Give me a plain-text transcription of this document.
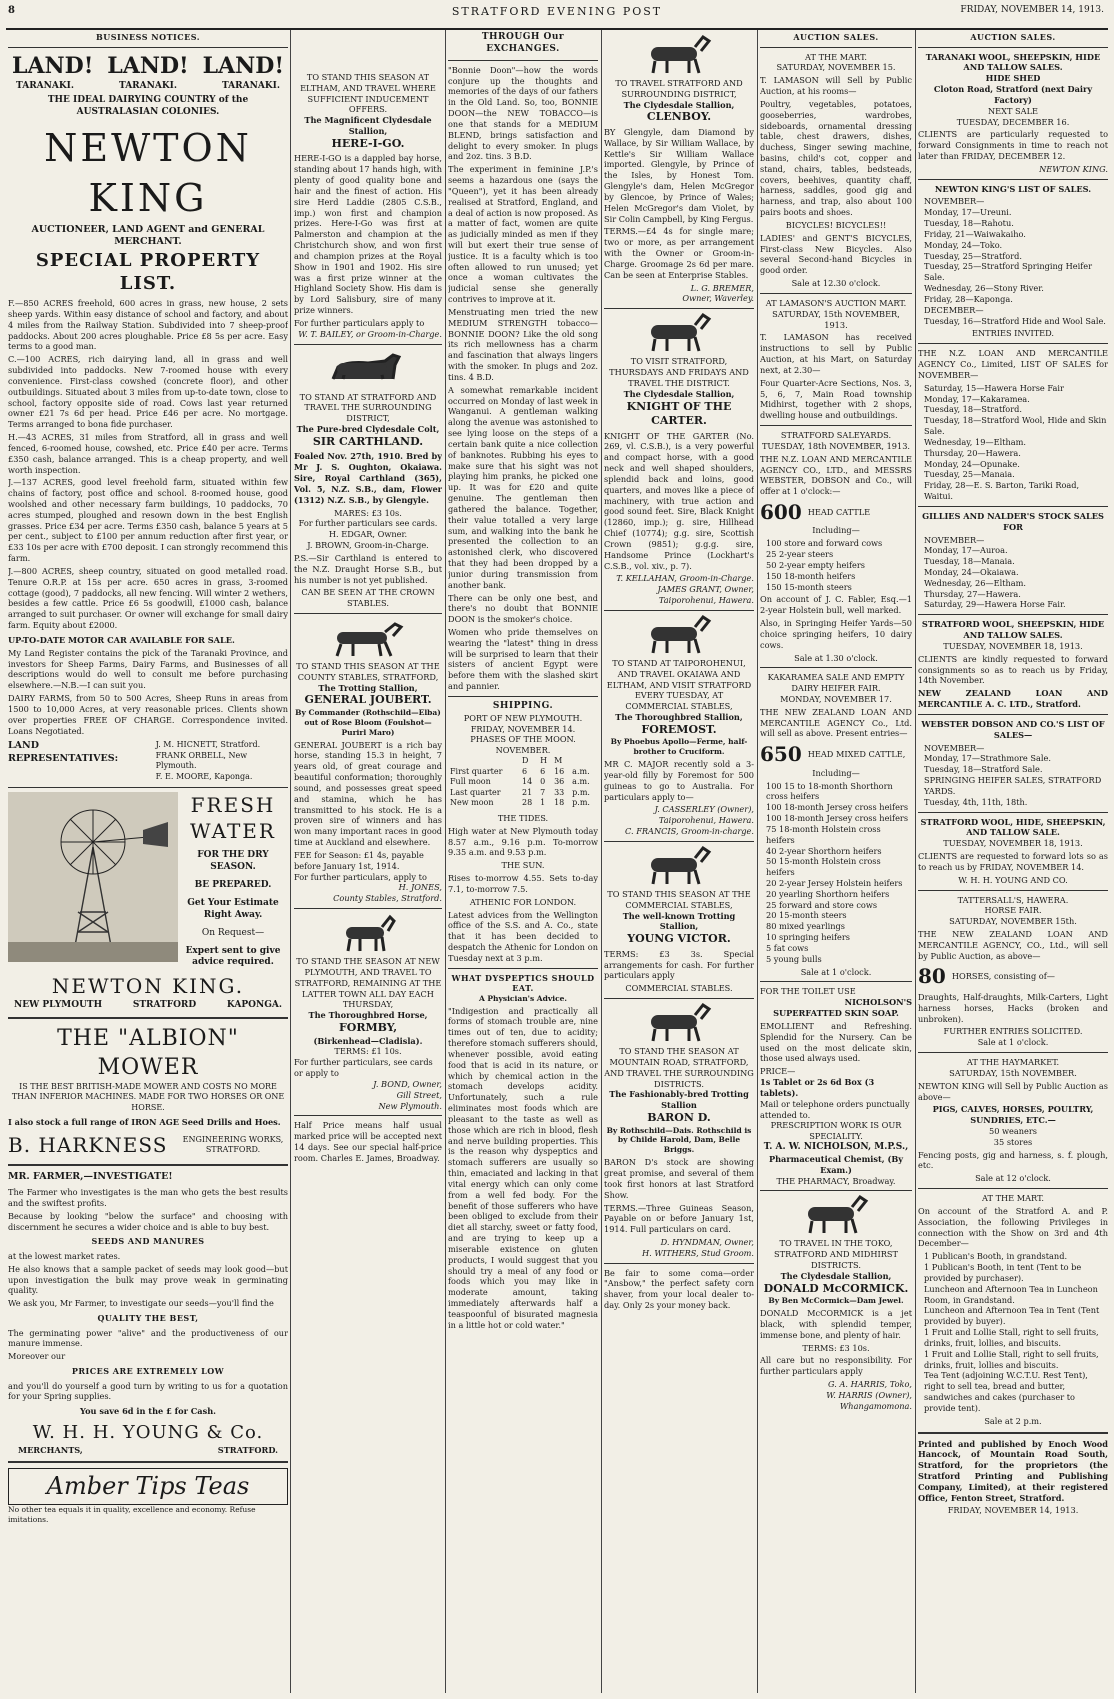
8	STRATFORD EVENING POST	FRIDAY, NOVEMBER 14, 1913.
BUSINESS NOTICES.
LAND! LAND! LAND!
TARANAKI.	TARANAKI.	TARANAKI.
THE IDEAL DAIRYING COUNTRY of the AUSTRALASIAN COLONIES.
NEWTON KING
AUCTIONEER, LAND AGENT and GENERAL MERCHANT.
SPECIAL PROPERTY LIST.

F.—850 ACRES freehold, 600 acres in grass, new house, 2 sets sheep yards. Within easy distance of school and factory, and about 4 miles from the Railway Station. Subdivided into 7 sheep-proof paddocks. About 200 acres ploughable. Price £8 5s per acre. Easy terms to a good man.

C.—100 ACRES, rich dairying land, all in grass and well subdivided into paddocks. New 7-roomed house with every convenience. First-class cowshed (concrete floor), and other outbuildings. Situated about 3 miles from up-to-date town, close to school, factory opposite side of road. Cows last year returned owner £21 7s 6d per head. Price £46 per acre. No mortgage. Terms arranged to bona fide purchaser.

H.—43 ACRES, 31 miles from Stratford, all in grass and well fenced, 6-roomed house, cowshed, etc. Price £40 per acre. Terms £350 cash, balance arranged. This is a cheap property, and well worth inspection.

J.—137 ACRES, good level freehold farm, situated within few chains of factory, post office and school. 8-roomed house, good woolshed and other necessary farm buildings, 10 paddocks, 70 acres stumped, ploughed and resown down in the best English grasses. Price £34 per acre. Terms £350 cash, balance 5 years at 5 per cent., subject to £100 per annum reduction after first year, or £33 10s per acre with £700 deposit. I can strongly recommend this farm.

J.—800 ACRES, sheep country, situated on good metalled road. Tenure O.R.P. at 15s per acre. 650 acres in grass, 3-roomed cottage (good), 7 paddocks, all new fencing. Will winter 2 wethers, besides a few cattle. Price £6 5s goodwill, £1000 cash, balance arranged to suit purchaser. Or owner will exchange for small dairy farm. Equity about £2000.

UP-TO-DATE MOTOR CAR AVAILABLE FOR SALE.

My Land Register contains the pick of the Taranaki Province, and investors for Sheep Farms, Dairy Farms, and Businesses of all descriptions would do well to consult me before purchasing elsewhere.—N.B.—I can suit you.

DAIRY FARMS, from 50 to 500 Acres, Sheep Runs in areas from 1500 to 10,000 Acres, at very reasonable prices. Clients shown over properties FREE OF CHARGE. Correspondence invited. Loans Negotiated.

LAND REPRESENTATIVES:
J. M. HICNETT, Stratford.
FRANK ORBELL, New Plymouth.
F. E. MOORE, Kaponga.
FRESH WATER
FOR THE DRY SEASON.
BE PREPARED.
Get Your Estimate Right Away.
On Request—
Expert sent to give advice required.
NEWTON KING.
NEW PLYMOUTH	STRATFORD	KAPONGA.
THE "ALBION" MOWER
IS THE BEST BRITISH-MADE MOWER AND COSTS NO MORE THAN INFERIOR MACHINES. MADE FOR TWO HORSES OR ONE HORSE.
I also stock a full range of IRON AGE Seed Drills and Hoes.
B. HARKNESS	ENGINEERING WORKS, STRATFORD.
MR. FARMER,—INVESTIGATE!

The Farmer who investigates is the man who gets the best results and the swiftest profits.

Because by looking "below the surface" and choosing with discernment he secures a wider choice and is able to buy best.

SEEDS AND MANURES

at the lowest market rates.

He also knows that a sample packet of seeds may look good—but upon investigation the bulk may prove weak in germinating quality.

We ask you, Mr Farmer, to investigate our seeds—you'll find the

QUALITY THE BEST,

The germinating power "alive" and the productiveness of our manure immense.

Moreover our

PRICES ARE EXTREMELY LOW

and you'll do yourself a good turn by writing to us for a quotation for your Spring supplies.

You save 6d in the £ for Cash.
W. H. H. YOUNG & Co.
MERCHANTS,	STRATFORD.
Amber Tips Teas
No other tea equals it in quality, excellence and economy. Refuse imitations.
TO STAND THIS SEASON AT ELTHAM, AND TRAVEL WHERE SUFFICIENT INDUCEMENT OFFERS.
The Magnificent Clydesdale Stallion,
HERE-I-GO.

HERE-I-GO is a dappled bay horse, standing about 17 hands high, with plenty of good quality bone and hair and the finest of action. His sire Herd Laddie (2805 C.S.B., imp.) won first and champion prizes. Here-I-Go was first at Palmerston and champion at the Christchurch show, and won first and champion prizes at the Royal Show in 1901 and 1902. His sire was a first prize winner at the Highland Society Show. His dam is by Lord Salisbury, sire of many prize winners.

For further particulars apply to
W. T. BAILEY, or Groom-in-Charge.
TO STAND AT STRATFORD AND TRAVEL THE SURROUNDING DISTRICT,
The Pure-bred Clydesdale Colt,
SIR CARTHLAND.

Foaled Nov. 27th, 1910. Bred by Mr J. S. Oughton, Okaiawa. Sire, Royal Carthland (365), Vol. 5, N.Z. S.B., dam, Flower (1312) N.Z. S.B., by Glengyle.

MARES: £3 10s.
For further particulars see cards.
H. EDGAR, Owner.
J. BROWN, Groom-in-Charge.

P.S.—Sir Carthland is entered to the N.Z. Draught Horse S.B., but his number is not yet published.

CAN BE SEEN AT THE CROWN STABLES.
TO STAND THIS SEASON AT THE COUNTY STABLES, STRATFORD,
The Trotting Stallion,
GENERAL JOUBERT.
By Commander (Rothschild—Elba) out of Rose Bloom (Foulshot—Purirl Maro)

GENERAL JOUBERT is a rich bay horse, standing 15.3 in height, 7 years old, of great courage and beautiful conformation; thoroughly sound, and possesses great speed and stamina, which he has transmitted to his stock. He is a proven sire of winners and has won many important races in good time at Auckland and elsewhere.

FEE for Season: £1 4s, payable before January 1st, 1914.
For further particulars, apply to
H. JONES,
County Stables, Stratford.
TO STAND THE SEASON AT NEW PLYMOUTH, AND TRAVEL TO STRATFORD, REMAINING AT THE LATTER TOWN ALL DAY EACH THURSDAY,
The Thoroughbred Horse,
FORMBY,
(Birkenhead—Cladisla).
TERMS: £1 10s.
For further particulars, see cards or apply to
J. BOND, Owner,
Gill Street,
New Plymouth.

Half Price means half usual marked price will be accepted next 14 days. See our special half-price room. Charles E. James, Broadway.

THROUGH Our EXCHANGES.

"Bonnie Doon"—how the words conjure up the thoughts and memories of the days of our fathers in the Old Land. So, too, BONNIE DOON—the NEW TOBACCO—is one that stands for a MEDIUM BLEND, brings satisfaction and delight to every smoker. In plugs and 2oz. tins. 3 B.D.

The experiment in feminine J.P.'s seems a hazardous one (says the "Queen"), yet it has been already realised at Stratford, England, and a deal of action is now proposed. As a matter of fact, women are quite as judicially minded as men if they will but exert their true sense of justice. It is a faculty which is too often allowed to run unused; yet once a woman cultivates the judicial sense she generally contrives to improve at it.

Menstruating men tried the new MEDIUM STRENGTH tobacco—BONNIE DOON? Like the old song its rich mellowness has a charm and fascination that always lingers with the smoker. In plugs and 2oz. tins. 4 B.D.

A somewhat remarkable incident occurred on Monday of last week in Wanganui. A gentleman walking along the avenue was astonished to see lying loose on the steps of a certain bank quite a nice collection of banknotes. Rubbing his eyes to make sure that his sight was not playing him pranks, he picked one up. It was for £20 and quite genuine. The gentleman then gathered the balance. Together, their value totalled a very large sum, and walking into the bank he presented the collection to an astonished clerk, who discovered that they had been dropped by a junior during transmission from another bank.

There can be only one best, and there's no doubt that BONNIE DOON is the smoker's choice.

Women who pride themselves on wearing the "latest" thing in dress will be surprised to learn that their sisters of ancient Egypt were before them with the slashed skirt and pannier.

SHIPPING.
PORT OF NEW PLYMOUTH.
FRIDAY, NOVEMBER 14.
PHASES OF THE MOON.
NOVEMBER.
	D	H	M	
First quarter	6	6	16	a.m.
Full moon	14	0	36	a.m.
Last quarter	21	7	33	p.m.
New moon	28	1	18	p.m.
THE TIDES.

High water at New Plymouth today 8.57 a.m., 9.16 p.m. To-morrow 9.35 a.m. and 9.53 p.m.

THE SUN.

Rises to-morrow 4.55. Sets to-day 7.1, to-morrow 7.5.

ATHENIC FOR LONDON.

Latest advices from the Wellington office of the S.S. and A. Co., state that it has been decided to despatch the Athenic for London on Tuesday next at 3 p.m.

WHAT DYSPEPTICS SHOULD EAT.
A Physician's Advice.

"Indigestion and practically all forms of stomach trouble are, nine times out of ten, due to acidity; therefore stomach sufferers should, whenever possible, avoid eating food that is acid in its nature, or which by chemical action in the stomach develops acidity. Unfortunately, such a rule eliminates most foods which are pleasant to the taste as well as those which are rich in blood, flesh and nerve building properties. This is the reason why dyspeptics and stomach sufferers are usually so thin, emaciated and lacking in that vital energy which can only come from a well fed body. For the benefit of those sufferers who have been obliged to exclude from their diet all starchy, sweet or fatty food, and are trying to keep up a miserable existence on gluten products, I would suggest that you should try a meal of any food or foods which you may like in moderate amount, taking immediately afterwards half a teaspoonful of bisurated magnesia in a little hot or cold water."

TO TRAVEL STRATFORD AND SURROUNDING DISTRICT,
The Clydesdale Stallion,
CLENBOY.

BY Glengyle, dam Diamond by Wallace, by Sir William Wallace, by Kettle's Sir William Wallace imported. Glengyle, by Prince of the Isles, by Honest Tom. Glengyle's dam, Helen McGregor by Glencoe, by Prince of Wales; Helen McGregor's dam Violet, by Sir Colin Campbell, by King Fergus.

TERMS.—£4 4s for single mare; two or more, as per arrangement with the Owner or Groom-in-Charge. Groomage 2s 6d per mare. Can be seen at Enterprise Stables.

L. G. BREMER,
Owner, Waverley.
TO VISIT STRATFORD, THURSDAYS AND FRIDAYS AND TRAVEL THE DISTRICT.
The Clydesdale Stallion,
KNIGHT OF THE CARTER.

KNIGHT OF THE GARTER (No. 269, vl. C.S.B.), is a very powerful and compact horse, with a good neck and well shaped shoulders, splendid back and loins, good quarters, and moves like a piece of machinery, with true action and good sound feet. Sire, Black Knight (12860, imp.); g. sire, Hillhead Chief (10774); g.g. sire, Scottish Crown (9851); g.g.g. sire, Handsome Prince (Lockhart's C.S.B., vol. xiv., p. 7).

T. KELLAHAN, Groom-in-Charge.
JAMES GRANT, Owner,
Taiporohenui, Hawera.
TO STAND AT TAIPOROHENUI, AND TRAVEL OKAIAWA AND ELTHAM, AND VISIT STRATFORD EVERY TUESDAY, AT COMMERCIAL STABLES,
The Thoroughbred Stallion,
FOREMOST.
By Phoebus Apollo—Ferme, half-brother to Cruciform.

MR C. MAJOR recently sold a 3-year-old filly by Foremost for 500 guineas to go to Australia. For particulars apply to—

J. CASSERLEY (Owner),
Taiporohenui, Hawera.
C. FRANCIS, Groom-in-charge.
TO STAND THIS SEASON AT THE COMMERCIAL STABLES,
The well-known Trotting Stallion,
YOUNG VICTOR.

TERMS: £3 3s. Special arrangements for cash. For further particulars apply

COMMERCIAL STABLES.
TO STAND THE SEASON AT MOUNTAIN ROAD, STRATFORD, AND TRAVEL THE SURROUNDING DISTRICTS.
The Fashionably-bred Trotting Stallion
BARON D.
By Rothschild—Dais. Rothschild is by Childe Harold, Dam, Belle Briggs.

BARON D's stock are showing great promise, and several of them took first honors at last Stratford Show.

TERMS.—Three Guineas Season, Payable on or before January 1st, 1914. Full particulars on card.

D. HYNDMAN, Owner,
H. WITHERS, Stud Groom.

Be fair to some coma—order "Ansbow," the perfect safety corn shaver, from your local dealer to-day. Only 2s your money back.

AUCTION SALES.
AT THE MART.
SATURDAY, NOVEMBER 15.

T. LAMASON will Sell by Public Auction, at his rooms—

Poultry, vegetables, potatoes, gooseberries, wardrobes, sideboards, ornamental dressing table, chest drawers, dishes, duchess, Singer sewing machine, basins, child's cot, copper and stand, chairs, tables, bedsteads, covers, beehives, quantity chaff, harness, saddles, good gig and harness, and trap, also about 100 pairs boots and shoes.

BICYCLES! BICYCLES!!

LADIES' and GENT'S BICYCLES, First-class New Bicycles. Also several Second-hand Bicycles in good order.

Sale at 12.30 o'clock.
AT LAMASON'S AUCTION MART.
SATURDAY, 15th NOVEMBER, 1913.

T. LAMASON has received instructions to sell by Public Auction, at his Mart, on Saturday next, at 2.30—

Four Quarter-Acre Sections, Nos. 3, 5, 6, 7, Main Road township Midhirst, together with 2 shops, dwelling house and outbuildings.

STRATFORD SALEYARDS.
TUESDAY, 18th NOVEMBER, 1913.

THE N.Z. LOAN AND MERCANTILE AGENCY CO., LTD., and MESSRS WEBSTER, DOBSON and Co., will offer at 1 o'clock:—

600 HEAD CATTLE
Including—
100 store and forward cows
25 2-year steers
50 2-year empty heifers
150 18-month heifers
150 15-month steers

On account of J. C. Fabler, Esq.—1 2-year Holstein bull, well marked.

Also, in Springing Heifer Yards—50 choice springing heifers, 10 dairy cows.

Sale at 1.30 o'clock.
KAKARAMEA SALE AND EMPTY DAIRY HEIFER FAIR.
MONDAY, NOVEMBER 17.

THE NEW ZEALAND LOAN AND MERCANTILE AGENCY Co., Ltd. will sell as above. Present entries—

650 HEAD MIXED CATTLE,
Including—
100 15 to 18-month Shorthorn cross heifers
100 18-month Jersey cross heifers
100 18-month Jersey cross heifers
75 18-month Holstein cross heifers
40 2-year Shorthorn heifers
50 15-month Holstein cross heifers
20 2-year Jersey Holstein heifers
20 yearling Shorthorn heifers
25 forward and store cows
20 15-month steers
80 mixed yearlings
10 springing heifers
5 fat cows
5 young bulls
Sale at 1 o'clock.
FOR THE TOILET USE
NICHOLSON'S
SUPERFATTED SKIN SOAP.

EMOLLIENT and Refreshing. Splendid for the Nursery. Can be used on the most delicate skin, those used always used.

PRICE—
1s Tablet or 2s 6d Box (3 tablets).
Mail or telephone orders punctually attended to.
PRESCRIPTION WORK IS OUR SPECIALITY.
T. A. W. NICHOLSON, M.P.S.,
Pharmaceutical Chemist, (By Exam.)
THE PHARMACY, Broadway.
TO TRAVEL IN THE TOKO, STRATFORD AND MIDHIRST DISTRICTS.
The Clydesdale Stallion,
DONALD McCORMICK.
By Ben McCormick—Dam Jewel.

DONALD McCORMICK is a jet black, with splendid temper, immense bone, and plenty of hair.

TERMS: £3 10s.

All care but no responsibility. For further particulars apply

G. A. HARRIS, Toko,
W. HARRIS (Owner),
Whangamomona.
AUCTION SALES.
TARANAKI WOOL, SHEEPSKIN, HIDE AND TALLOW SALES.
HIDE SHED
Cloton Road, Stratford (next Dairy Factory)
NEXT SALE
TUESDAY, DECEMBER 16.

CLIENTS are particularly requested to forward Consignments in time to reach not later than FRIDAY, DECEMBER 12.

NEWTON KING.
NEWTON KING'S LIST OF SALES.
NOVEMBER—
Monday, 17—Ureuni.
Tuesday, 18—Rahotu.
Friday, 21—Waiwakaiho.
Monday, 24—Toko.
Tuesday, 25—Stratford.
Tuesday, 25—Stratford Springing Heifer Sale.
Wednesday, 26—Stony River.
Friday, 28—Kaponga.
DECEMBER—
Tuesday, 16—Stratford Hide and Wool Sale.
ENTRIES INVITED.

THE N.Z. LOAN AND MERCANTILE AGENCY Co., Limited, LIST OF SALES for NOVEMBER—

Saturday, 15—Hawera Horse Fair
Monday, 17—Kakaramea.
Tuesday, 18—Stratford.
Tuesday, 18—Stratford Wool, Hide and Skin Sale.
Wednesday, 19—Eltham.
Thursday, 20—Hawera.
Monday, 24—Opunake.
Tuesday, 25—Manaia.
Friday, 28—E. S. Barton, Tariki Road, Waitui.
GILLIES AND NALDER'S STOCK SALES FOR
NOVEMBER—
Monday, 17—Auroa.
Tuesday, 18—Manaia.
Monday, 24—Okaiawa.
Wednesday, 26—Eltham.
Thursday, 27—Hawera.
Saturday, 29—Hawera Horse Fair.
STRATFORD WOOL, SHEEPSKIN, HIDE AND TALLOW SALES.
TUESDAY, NOVEMBER 18, 1913.

CLIENTS are kindly requested to forward consignments so as to reach us by Friday, 14th November.

NEW ZEALAND LOAN AND MERCANTILE A. C. LTD., Stratford.

WEBSTER DOBSON AND CO.'S LIST OF SALES—
NOVEMBER—
Monday, 17—Strathmore Sale.
Tuesday, 18—Stratford Sale.
SPRINGING HEIFER SALES, STRATFORD YARDS.
Tuesday, 4th, 11th, 18th.
STRATFORD WOOL, HIDE, SHEEPSKIN, AND TALLOW SALE.
TUESDAY, NOVEMBER 18, 1913.

CLIENTS are requested to forward lots so as to reach us by FRIDAY, NOVEMBER 14.

W. H. H. YOUNG AND CO.
TATTERSALL'S, HAWERA.
HORSE FAIR.
SATURDAY, NOVEMBER 15th.

THE NEW ZEALAND LOAN AND MERCANTILE AGENCY, CO., Ltd., will sell by Public Auction, as above—

80 HORSES, consisting of—

Draughts, Half-draughts, Milk-Carters, Light harness horses, Hacks (broken and unbroken).

FURTHER ENTRIES SOLICITED.
Sale at 1 o'clock.
AT THE HAYMARKET.
SATURDAY, 15th NOVEMBER.

NEWTON KING will Sell by Public Auction as above—

PIGS, CALVES, HORSES, POULTRY, SUNDRIES, ETC.—
50 weaners
35 stores

Fencing posts, gig and harness, s. f. plough, etc.

Sale at 12 o'clock.
AT THE MART.

On account of the Stratford A. and P. Association, the following Privileges in connection with the Show on 3rd and 4th December—

1 Publican's Booth, in grandstand.
1 Publican's Booth, in tent (Tent to be provided by purchaser).
Luncheon and Afternoon Tea in Luncheon Room, in Grandstand.
Luncheon and Afternoon Tea in Tent (Tent provided by buyer).
1 Fruit and Lollie Stall, right to sell fruits, drinks, fruit, lollies, and biscuits.
1 Fruit and Lollie Stall, right to sell fruits, drinks, fruit, lollies and biscuits.
Tea Tent (adjoining W.C.T.U. Rest Tent), right to sell tea, bread and butter, sandwiches and cakes (purchaser to provide tent).
Sale at 2 p.m.

Printed and published by Enoch Wood Hancock, of Mountain Road South, Stratford, for the proprietors (the Stratford Printing and Publishing Company, Limited), at their registered Office, Fenton Street, Stratford.

FRIDAY, NOVEMBER 14, 1913.
